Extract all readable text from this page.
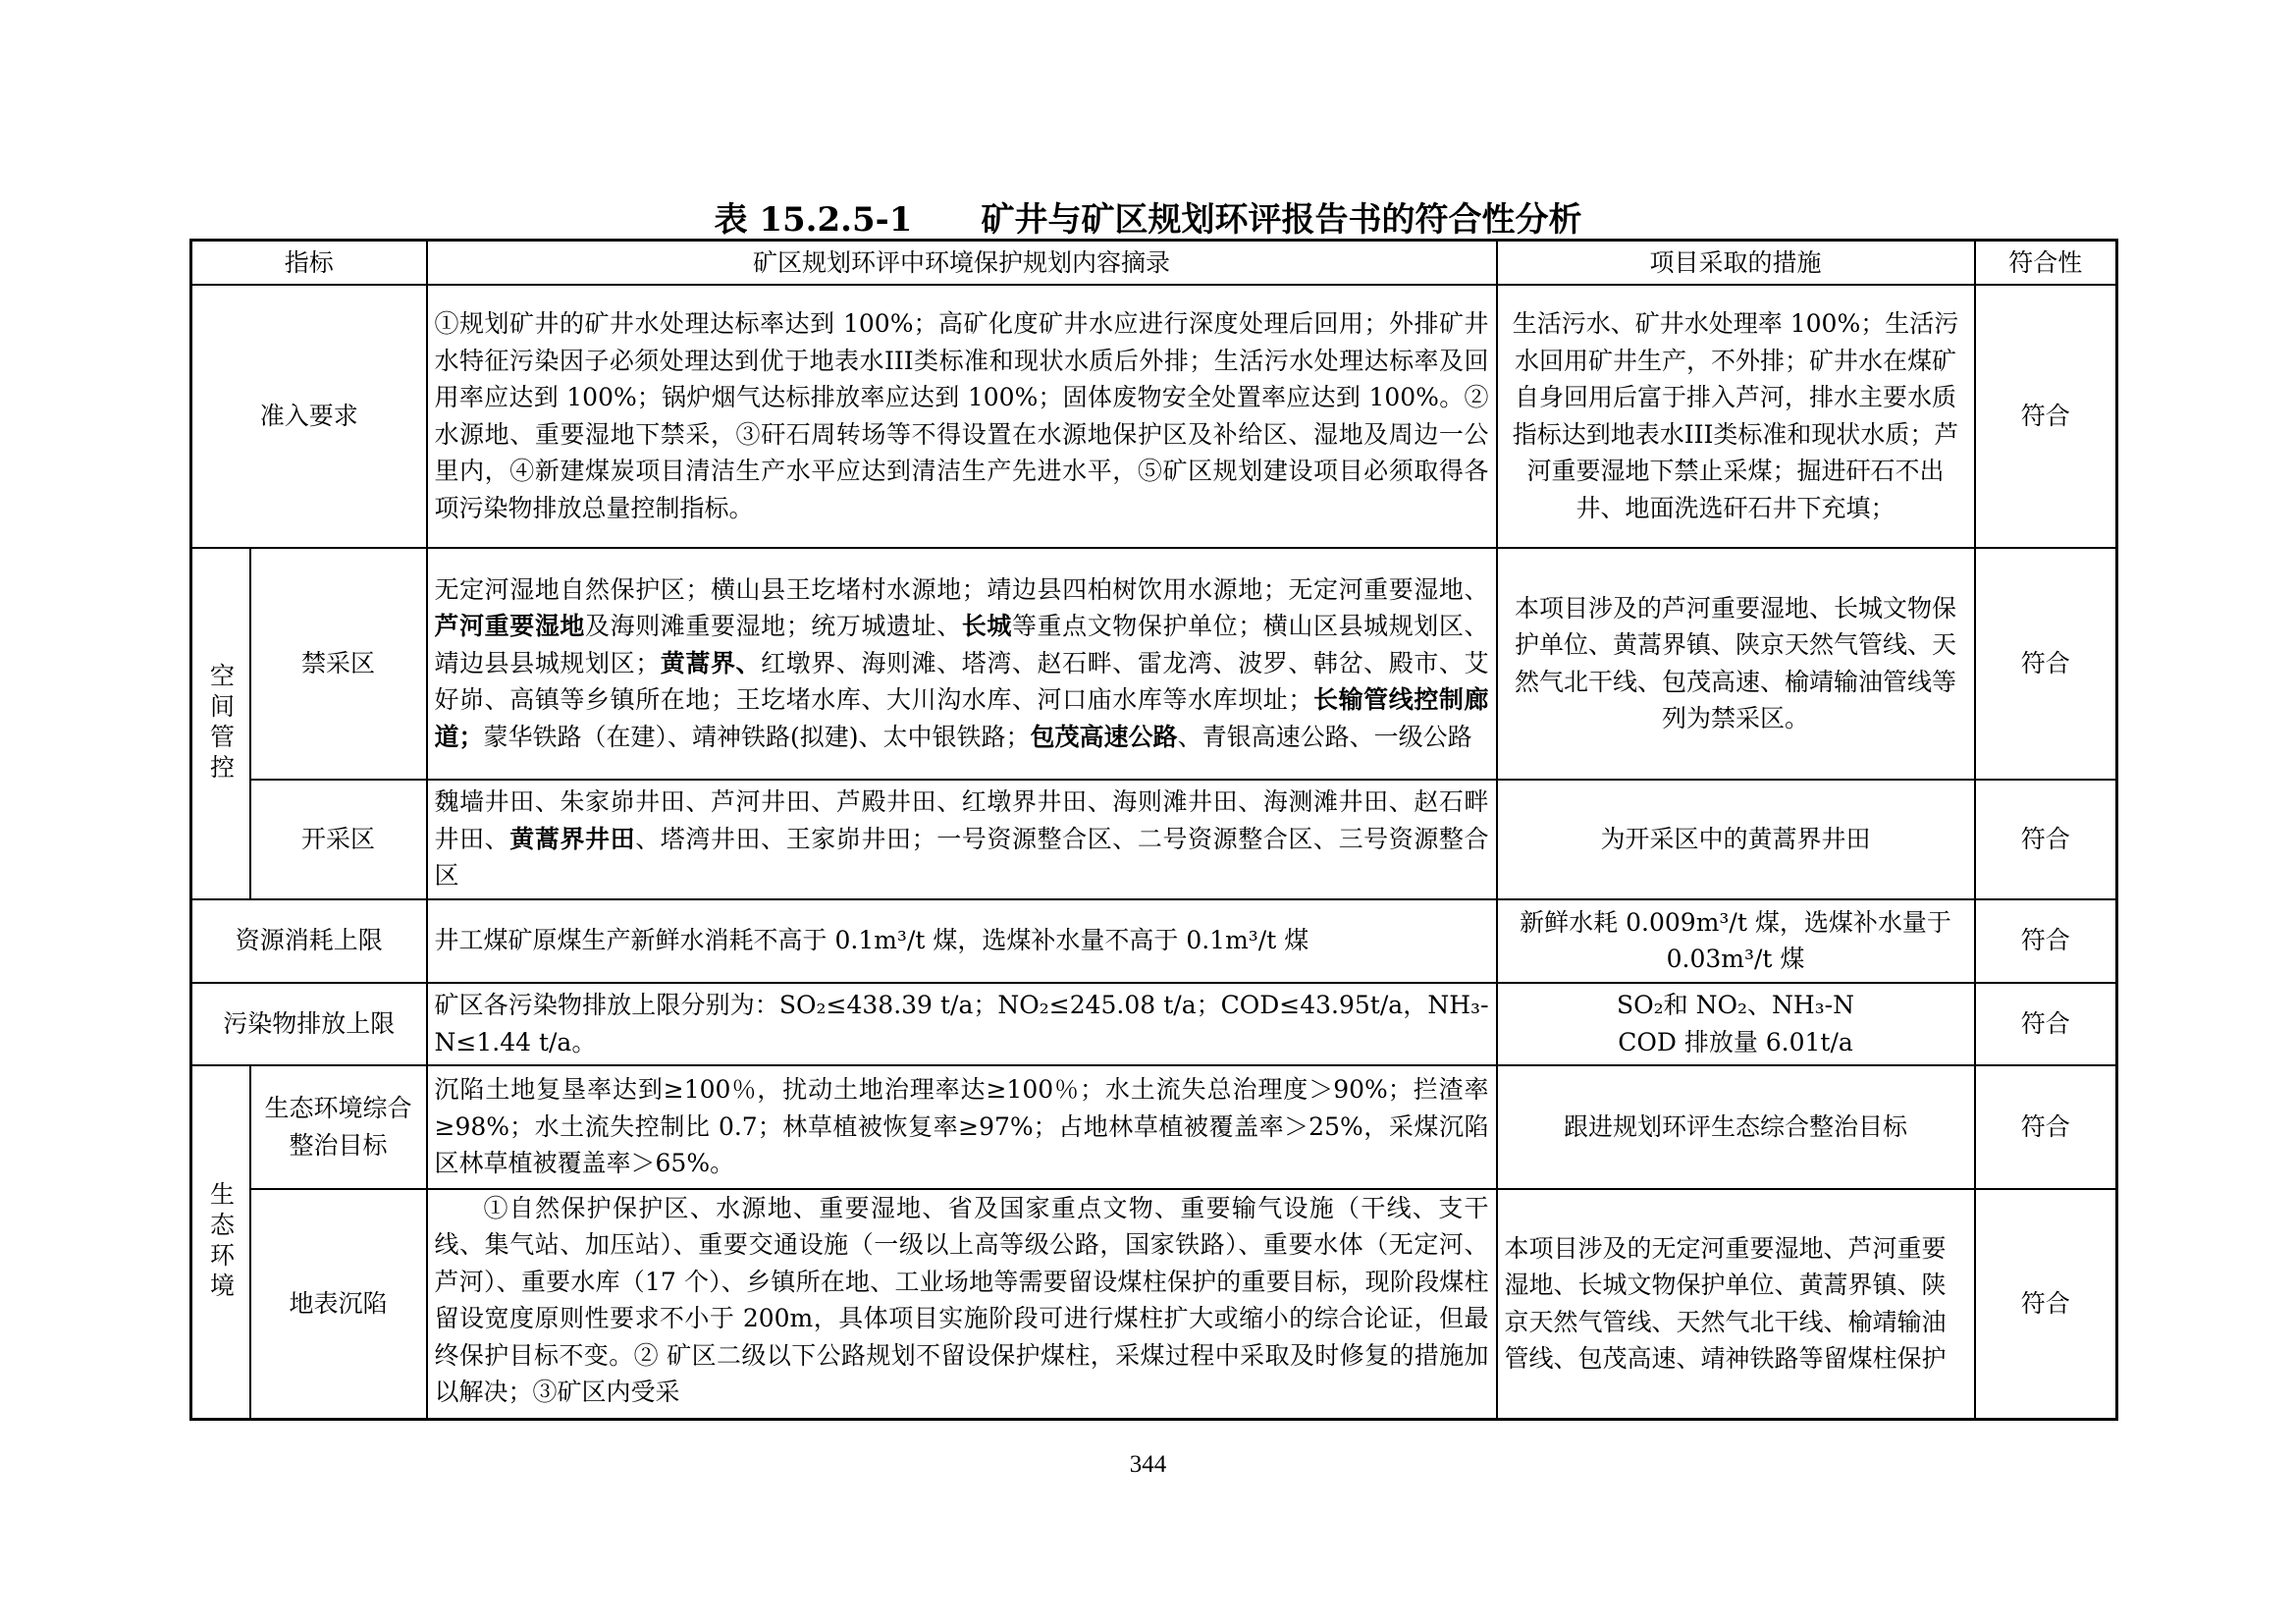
表 15.2.5-1 矿井与矿区规划环评报告书的符合性分析
指标		矿区规划环评中环境保护规划内容摘录	项目采取的措施	符合性
准入要求		①规划矿井的矿井水处理达标率达到 100%；高矿化度矿井水应进行深度处理后回用；外排矿井水特征污染因子必须处理达到优于地表水III类标准和现状水质后外排；生活污水处理达标率及回用率应达到 100%；锅炉烟气达标排放率应达到 100%；固体废物安全处置率应达到 100%。②水源地、重要湿地下禁采，③矸石周转场等不得设置在水源地保护区及补给区、湿地及周边一公里内，④新建煤炭项目清洁生产水平应达到清洁生产先进水平，⑤矿区规划建设项目必须取得各项污染物排放总量控制指标。	生活污水、矿井水处理率 100%；生活污水回用矿井生产，不外排；矿井水在煤矿自身回用后富于排入芦河，排水主要水质指标达到地表水III类标准和现状水质；芦河重要湿地下禁止采煤；掘进矸石不出井、地面洗选矸石井下充填；	符合

空间管控	禁采区	无定河湿地自然保护区；横山县王圪堵村水源地；靖边县四柏树饮用水源地；无定河重要湿地、芦河重要湿地及海则滩重要湿地；统万城遗址、长城等重点文物保护单位；横山区县城规划区、靖边县县城规划区；黄蒿界、红墩界、海则滩、塔湾、赵石畔、雷龙湾、波罗、韩岔、殿市、艾好峁、高镇等乡镇所在地；王圪堵水库、大川沟水库、河口庙水库等水库坝址；长输管线控制廊道；蒙华铁路（在建）、靖神铁路(拟建)、太中银铁路；包茂高速公路、青银高速公路、一级公路	本项目涉及的芦河重要湿地、长城文物保护单位、黄蒿界镇、陕京天然气管线、天然气北干线、包茂高速、榆靖输油管线等列为禁采区。	符合
	开采区	魏墙井田、朱家峁井田、芦河井田、芦殿井田、红墩界井田、海则滩井田、海测滩井田、赵石畔井田、黄蒿界井田、塔湾井田、王家峁井田；一号资源整合区、二号资源整合区、三号资源整合区	为开采区中的黄蒿界井田	符合
资源消耗上限		井工煤矿原煤生产新鲜水消耗不高于 0.1m³/t 煤，选煤补水量不高于 0.1m³/t 煤	新鲜水耗 0.009m³/t 煤，选煤补水量于 0.03m³/t 煤	符合
污染物排放上限		矿区各污染物排放上限分别为：SO₂≤438.39 t/a；NO₂≤245.08 t/a；COD≤43.95t/a，NH₃-N≤1.44 t/a。	SO₂和 NO₂、NH₃-N
COD 排放量 6.01t/a	符合

生态环境	生态环境综合整治目标	沉陷土地复垦率达到≥100％，扰动土地治理率达≥100％；水土流失总治理度＞90%；拦渣率≥98%；水土流失控制比 0.7；林草植被恢复率≥97%；占地林草植被覆盖率＞25%，采煤沉陷区林草植被覆盖率＞65%。	跟进规划环评生态综合整治目标	符合
	地表沉陷	①自然保护保护区、水源地、重要湿地、省及国家重点文物、重要输气设施（干线、支干线、集气站、加压站）、重要交通设施（一级以上高等级公路，国家铁路）、重要水体（无定河、芦河）、重要水库（17 个）、乡镇所在地、工业场地等需要留设煤柱保护的重要目标，现阶段煤柱留设宽度原则性要求不小于 200m，具体项目实施阶段可进行煤柱扩大或缩小的综合论证，但最终保护目标不变。② 矿区二级以下公路规划不留设保护煤柱，采煤过程中采取及时修复的措施加以解决；③矿区内受采	本项目涉及的无定河重要湿地、芦河重要湿地、长城文物保护单位、黄蒿界镇、陕京天然气管线、天然气北干线、榆靖输油管线、包茂高速、靖神铁路等留煤柱保护	符合
344
